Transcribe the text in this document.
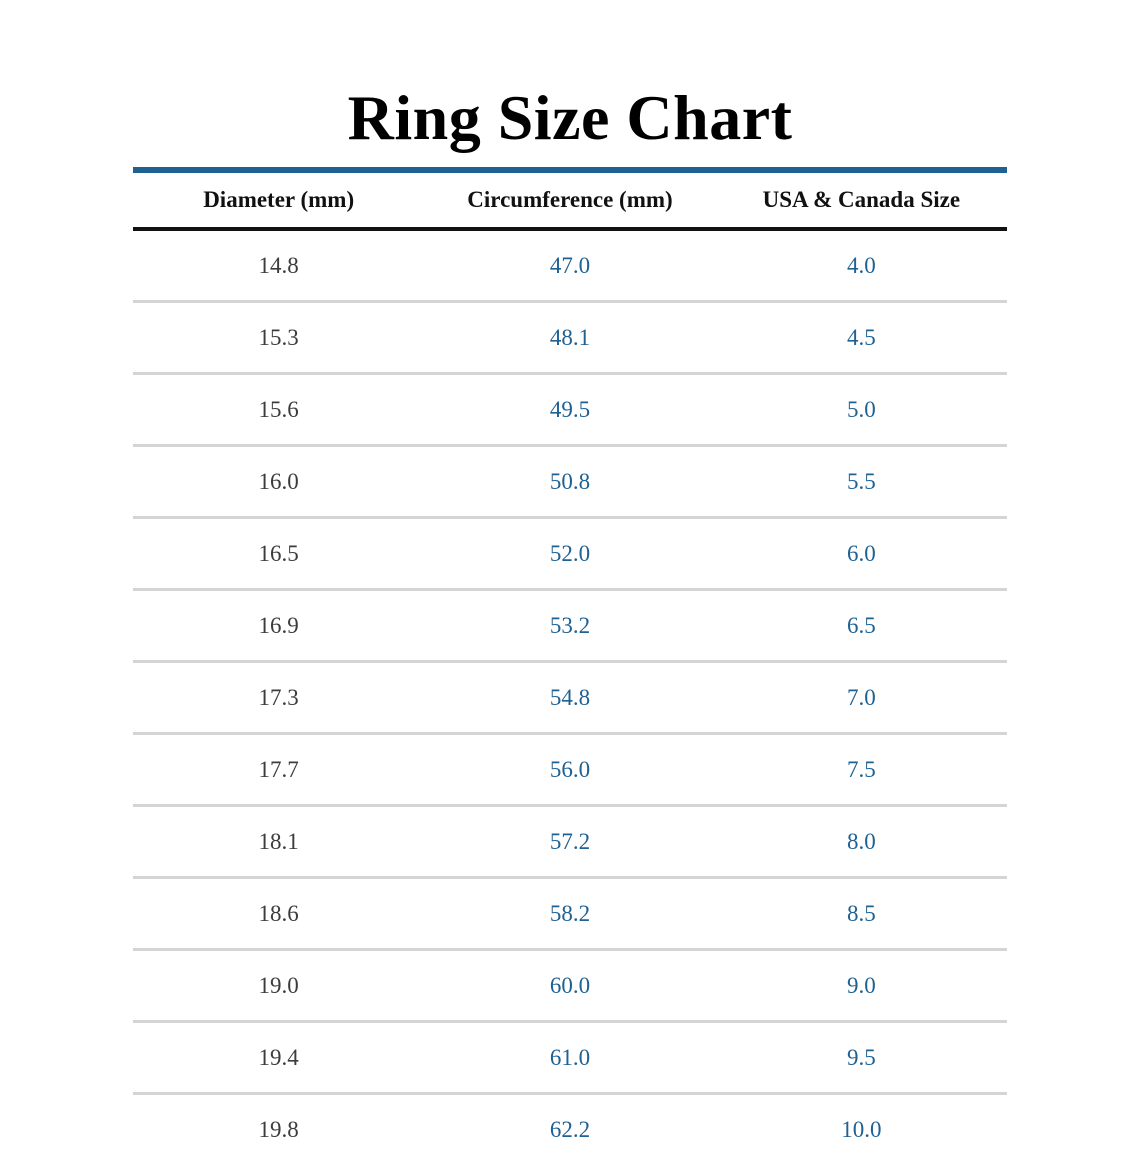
Ring Size Chart
Diameter (mm)	Circumference (mm)	USA & Canada Size
14.8	47.0	4.0
15.3	48.1	4.5
15.6	49.5	5.0
16.0	50.8	5.5
16.5	52.0	6.0
16.9	53.2	6.5
17.3	54.8	7.0
17.7	56.0	7.5
18.1	57.2	8.0
18.6	58.2	8.5
19.0	60.0	9.0
19.4	61.0	9.5
19.8	62.2	10.0
